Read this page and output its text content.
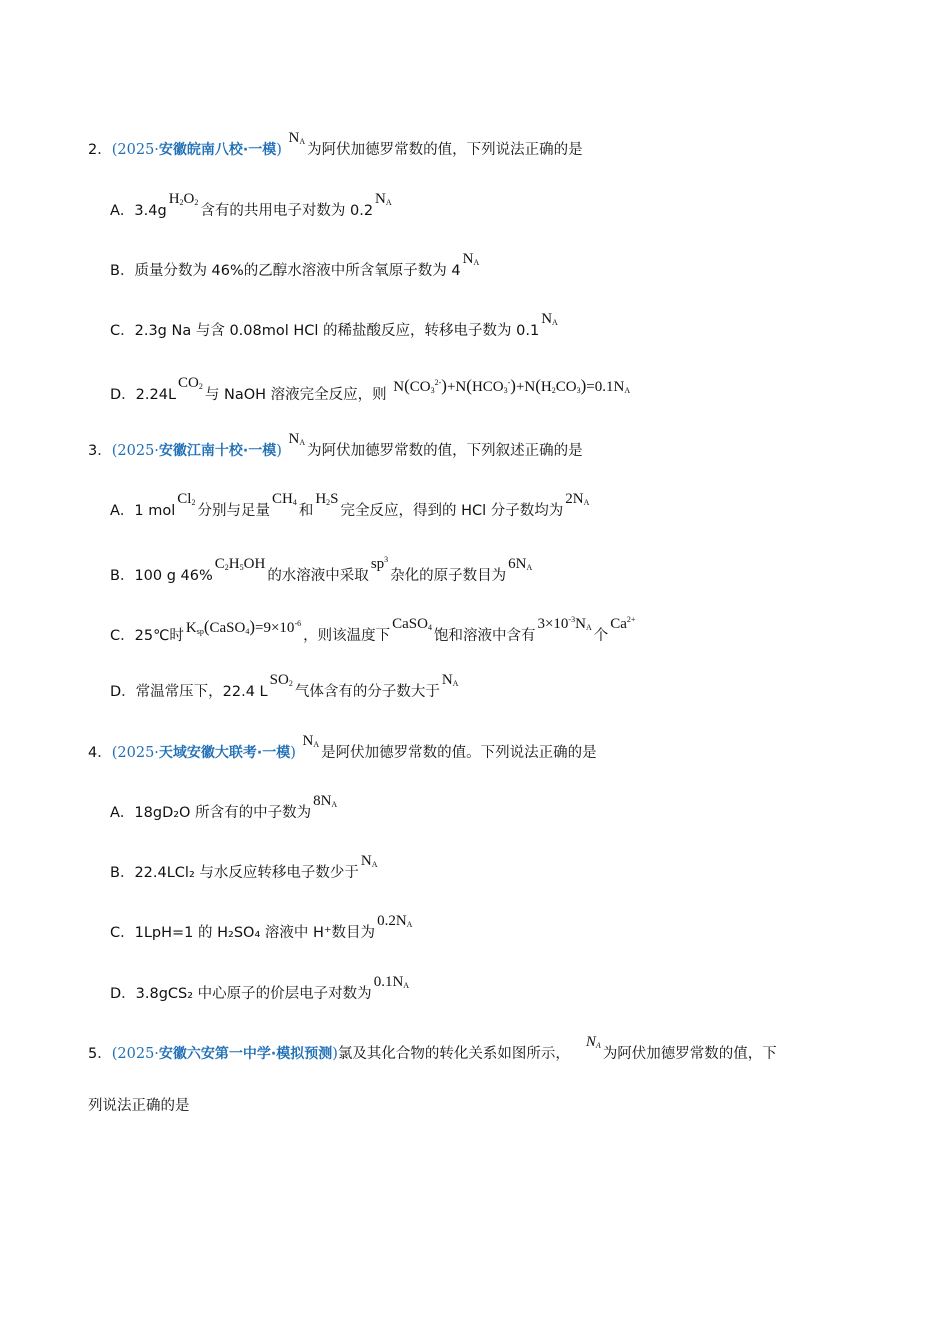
2．(2025·安徽皖南八校·一模) $N_A$为阿伏加德罗常数的值，下列说法正确的是
A．$3.4gH_2O_2$含有的共用电子对数为 $0.2N_A$
B．质量分数为 46%的乙醇水溶液中所含氧原子数为 $4N_A$
C．2.3g Na 与含 0.08mol HCl 的稀盐酸反应，转移电子数为 $0.1N_A$
D．$2.24LCO_2$与 NaOH 溶液完全反应，则 $N(CO_3^{2-})+N(HCO_3^-)+N(H_2CO_3)=0.1N_A$
3．(2025·安徽江南十校·一模) $N_A$为阿伏加德罗常数的值，下列叙述正确的是
A．1 molCl$_2$分别与足量$CH_4$和$H_2S$完全反应，得到的 HCl 分子数均为$2N_A$
B．100 g $46\%C_2H_5OH$的水溶液中采取$sp^3$杂化的原子数目为$6N_A$
C．25℃时 $K_{sp}(CaSO_4)=9\times 10^{-6}$，则该温度下CaSO$_4$饱和溶液中含有$3\times 10^{-3}N_A$个$Ca^{2+}$
D．常温常压下，22.4 $LSO_2$气体含有的分子数大于$N_A$
4．(2025·天域安徽大联考·一模) $N_A$是阿伏加德罗常数的值。下列说法正确的是
A．18gD₂O 所含有的中子数为$8N_A$
B．22.4LCl₂ 与水反应转移电子数少于$N_A$
C．1LpH=1 的 H₂SO₄ 溶液中 H⁺数目为$0.2N_A$
D．3.8gCS₂ 中心原子的价层电子对数为$0.1N_A$
5．(2025·安徽六安第一中学·模拟预测)氯及其化合物的转化关系如图所示，$N_A$为阿伏加德罗常数的值，下
列说法正确的是
